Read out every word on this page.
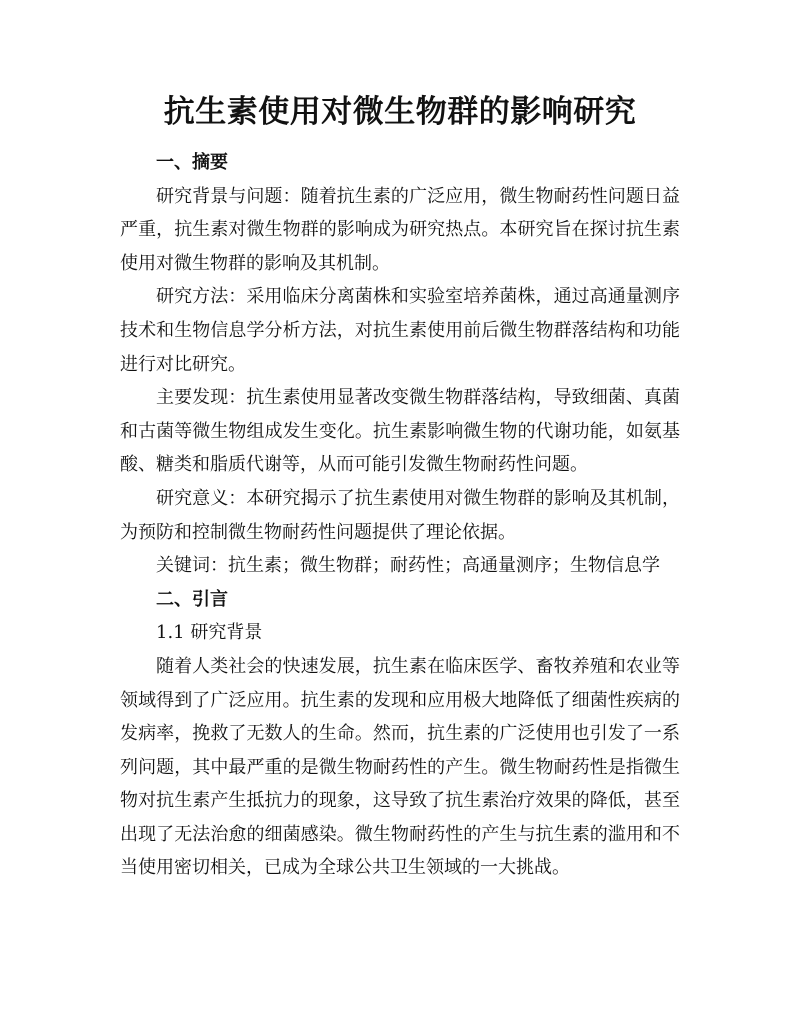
抗生素使用对微生物群的影响研究

一、摘要

研究背景与问题：随着抗生素的广泛应用，微生物耐药性问题日益严重，抗生素对微生物群的影响成为研究热点。本研究旨在探讨抗生素使用对微生物群的影响及其机制。

研究方法：采用临床分离菌株和实验室培养菌株，通过高通量测序技术和生物信息学分析方法，对抗生素使用前后微生物群落结构和功能进行对比研究。

主要发现：抗生素使用显著改变微生物群落结构，导致细菌、真菌和古菌等微生物组成发生变化。抗生素影响微生物的代谢功能，如氨基酸、糖类和脂质代谢等，从而可能引发微生物耐药性问题。

研究意义：本研究揭示了抗生素使用对微生物群的影响及其机制，为预防和控制微生物耐药性问题提供了理论依据。

关键词：抗生素；微生物群；耐药性；高通量测序；生物信息学

二、引言

1.1 研究背景

随着人类社会的快速发展，抗生素在临床医学、畜牧养殖和农业等领域得到了广泛应用。抗生素的发现和应用极大地降低了细菌性疾病的发病率，挽救了无数人的生命。然而，抗生素的广泛使用也引发了一系列问题，其中最严重的是微生物耐药性的产生。微生物耐药性是指微生物对抗生素产生抵抗力的现象，这导致了抗生素治疗效果的降低，甚至出现了无法治愈的细菌感染。微生物耐药性的产生与抗生素的滥用和不当使用密切相关，已成为全球公共卫生领域的一大挑战。
